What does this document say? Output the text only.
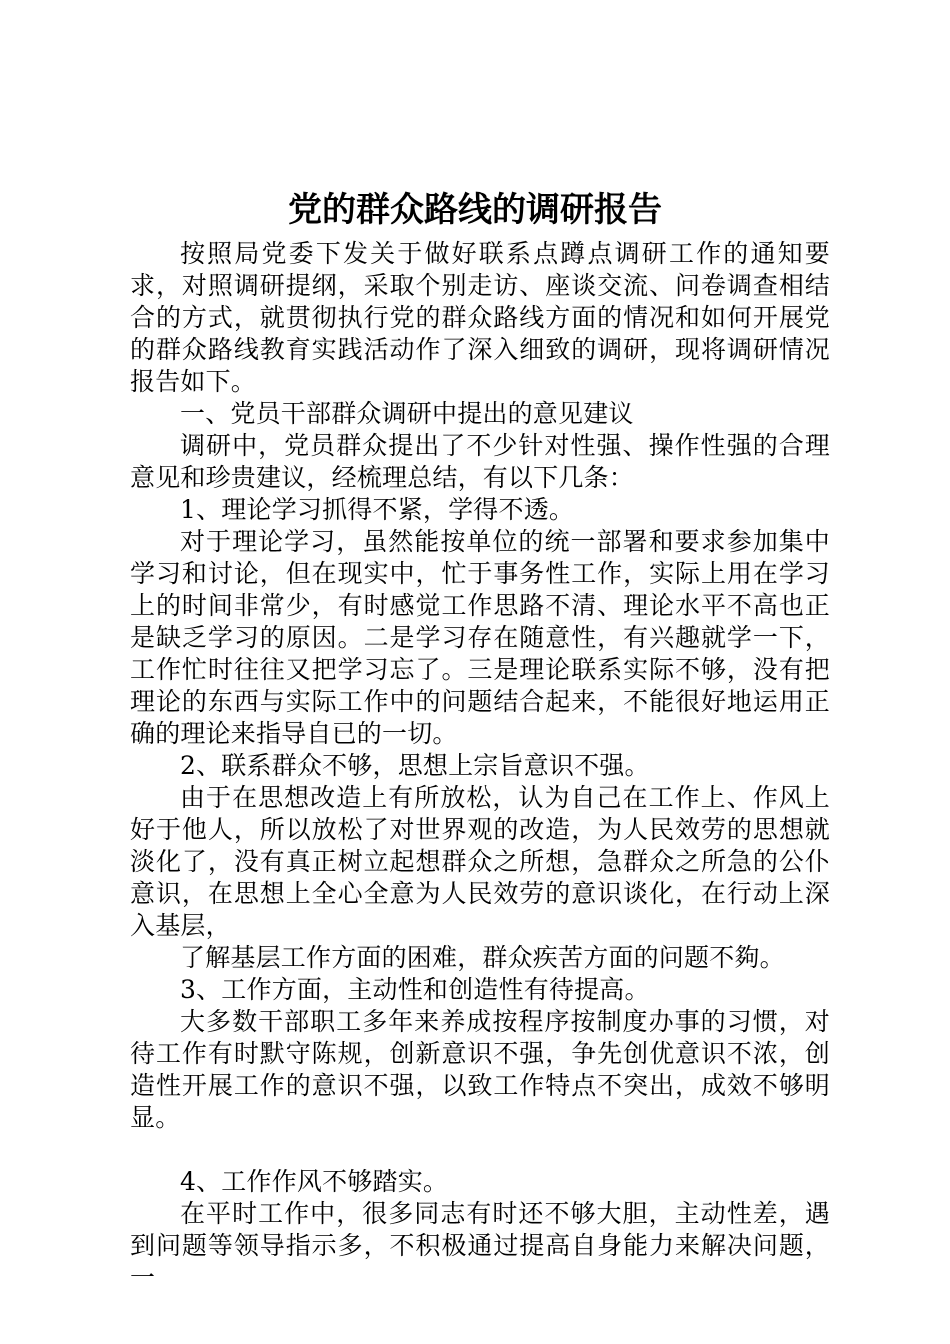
党的群众路线的调研报告

按照局党委下发关于做好联系点蹲点调研工作的通知要求，对照调研提纲，采取个别走访、座谈交流、问卷调查相结合的方式，就贯彻执行党的群众路线方面的情况和如何开展党的群众路线教育实践活动作了深入细致的调研，现将调研情况报告如下。

一、党员干部群众调研中提出的意见建议

调研中，党员群众提出了不少针对性强、操作性强的合理意见和珍贵建议，经梳理总结，有以下几条：

1、理论学习抓得不紧，学得不透。

对于理论学习，虽然能按单位的统一部署和要求参加集中学习和讨论，但在现实中，忙于事务性工作，实际上用在学习上的时间非常少，有时感觉工作思路不清、理论水平不高也正是缺乏学习的原因。二是学习存在随意性，有兴趣就学一下，工作忙时往往又把学习忘了。三是理论联系实际不够，没有把理论的东西与实际工作中的问题结合起来，不能很好地运用正确的理论来指导自已的一切。

2、联系群众不够，思想上宗旨意识不强。

由于在思想改造上有所放松，认为自己在工作上、作风上好于他人，所以放松了对世界观的改造，为人民效劳的思想就淡化了，没有真正树立起想群众之所想，急群众之所急的公仆意识，在思想上全心全意为人民效劳的意识谈化，在行动上深入基层，

了解基层工作方面的困难，群众疾苦方面的问题不夠。

3、工作方面，主动性和创造性有待提高。

大多数干部职工多年来养成按程序按制度办事的习惯，对待工作有时默守陈规，创新意识不强，争先创优意识不浓，创造性开展工作的意识不强，以致工作特点不突出，成效不够明显。

4、工作作风不够踏实。

在平时工作中，很多同志有时还不够大胆，主动性差，遇到问题等领导指示多，不积极通过提高自身能力来解决问题，一
